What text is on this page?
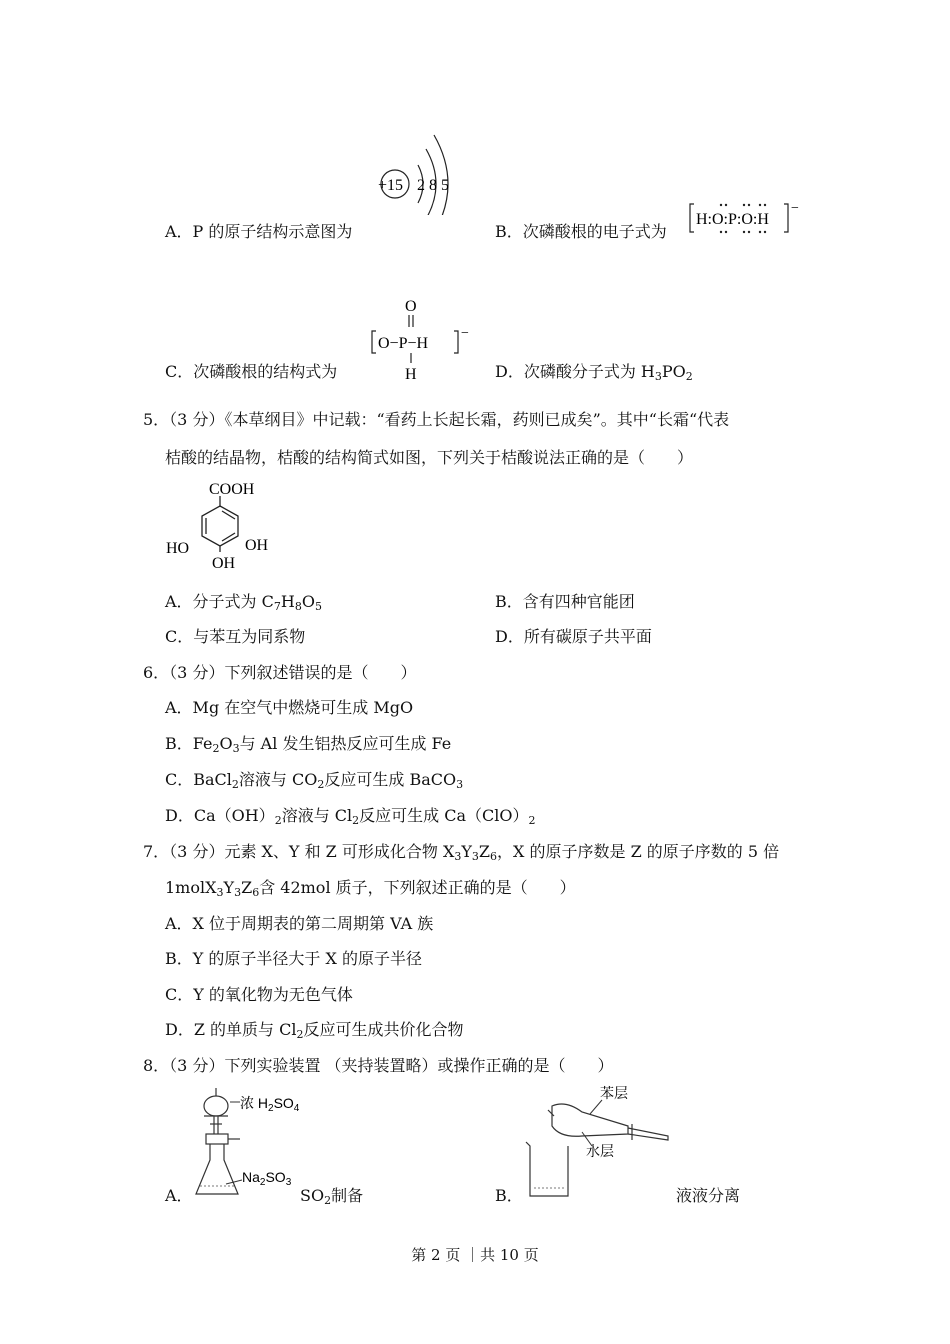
A．P 的原子结构示意图为
+15 2 8 5
B．次磷酸根的电子式为
H:O:P:O:H
−
C．次磷酸根的结构式为
O
O−P−H
H
−
D．次磷酸分子式为 $H_3PO_2$
5．（3 分）《本草纲目》中记载：“看药上长起长霜，药则已成矣”。其中“长霜“代表
桔酸的结晶物，桔酸的结构简式如图，下列关于桔酸说法正确的是（　　）
COOH
HO	OH
OH
A．分子式为 $C_7H_8O_5$	B．含有四种官能团
C．与苯互为同系物	D．所有碳原子共平面
6．（3 分）下列叙述错误的是（　　）
A．Mg 在空气中燃烧可生成 MgO
B．$Fe_2O_3$与 Al 发生铝热反应可生成 Fe
C．BaCl$_2$溶液与 $CO_2$反应可生成 BaCO$_3$
D．$Ca(OH)_2$溶液与 $Cl_2$反应可生成 $Ca(ClO)_2$
7．（3 分）元素 X、Y 和 Z 可形成化合物 $X_3Y_3Z_6$，X 的原子序数是 Z 的原子序数的 5 倍
$1molX_3Y_3Z_6$含 42mol 质子，下列叙述正确的是（　　）
A．X 位于周期表的第二周期第 VA 族
B．Y 的原子半径大于 X 的原子半径
C．Y 的氧化物为无色气体
D．Z 的单质与 $Cl_2$反应可生成共价化合物
8．（3 分）下列实验装置 （夹持装置略）或操作正确的是（　　）
A．
浓 $H_2SO_4$
$Na_2SO_3$
$SO_2$制备	B．
苯层
水层
液液分离
第 2 页 ｜共 10 页
